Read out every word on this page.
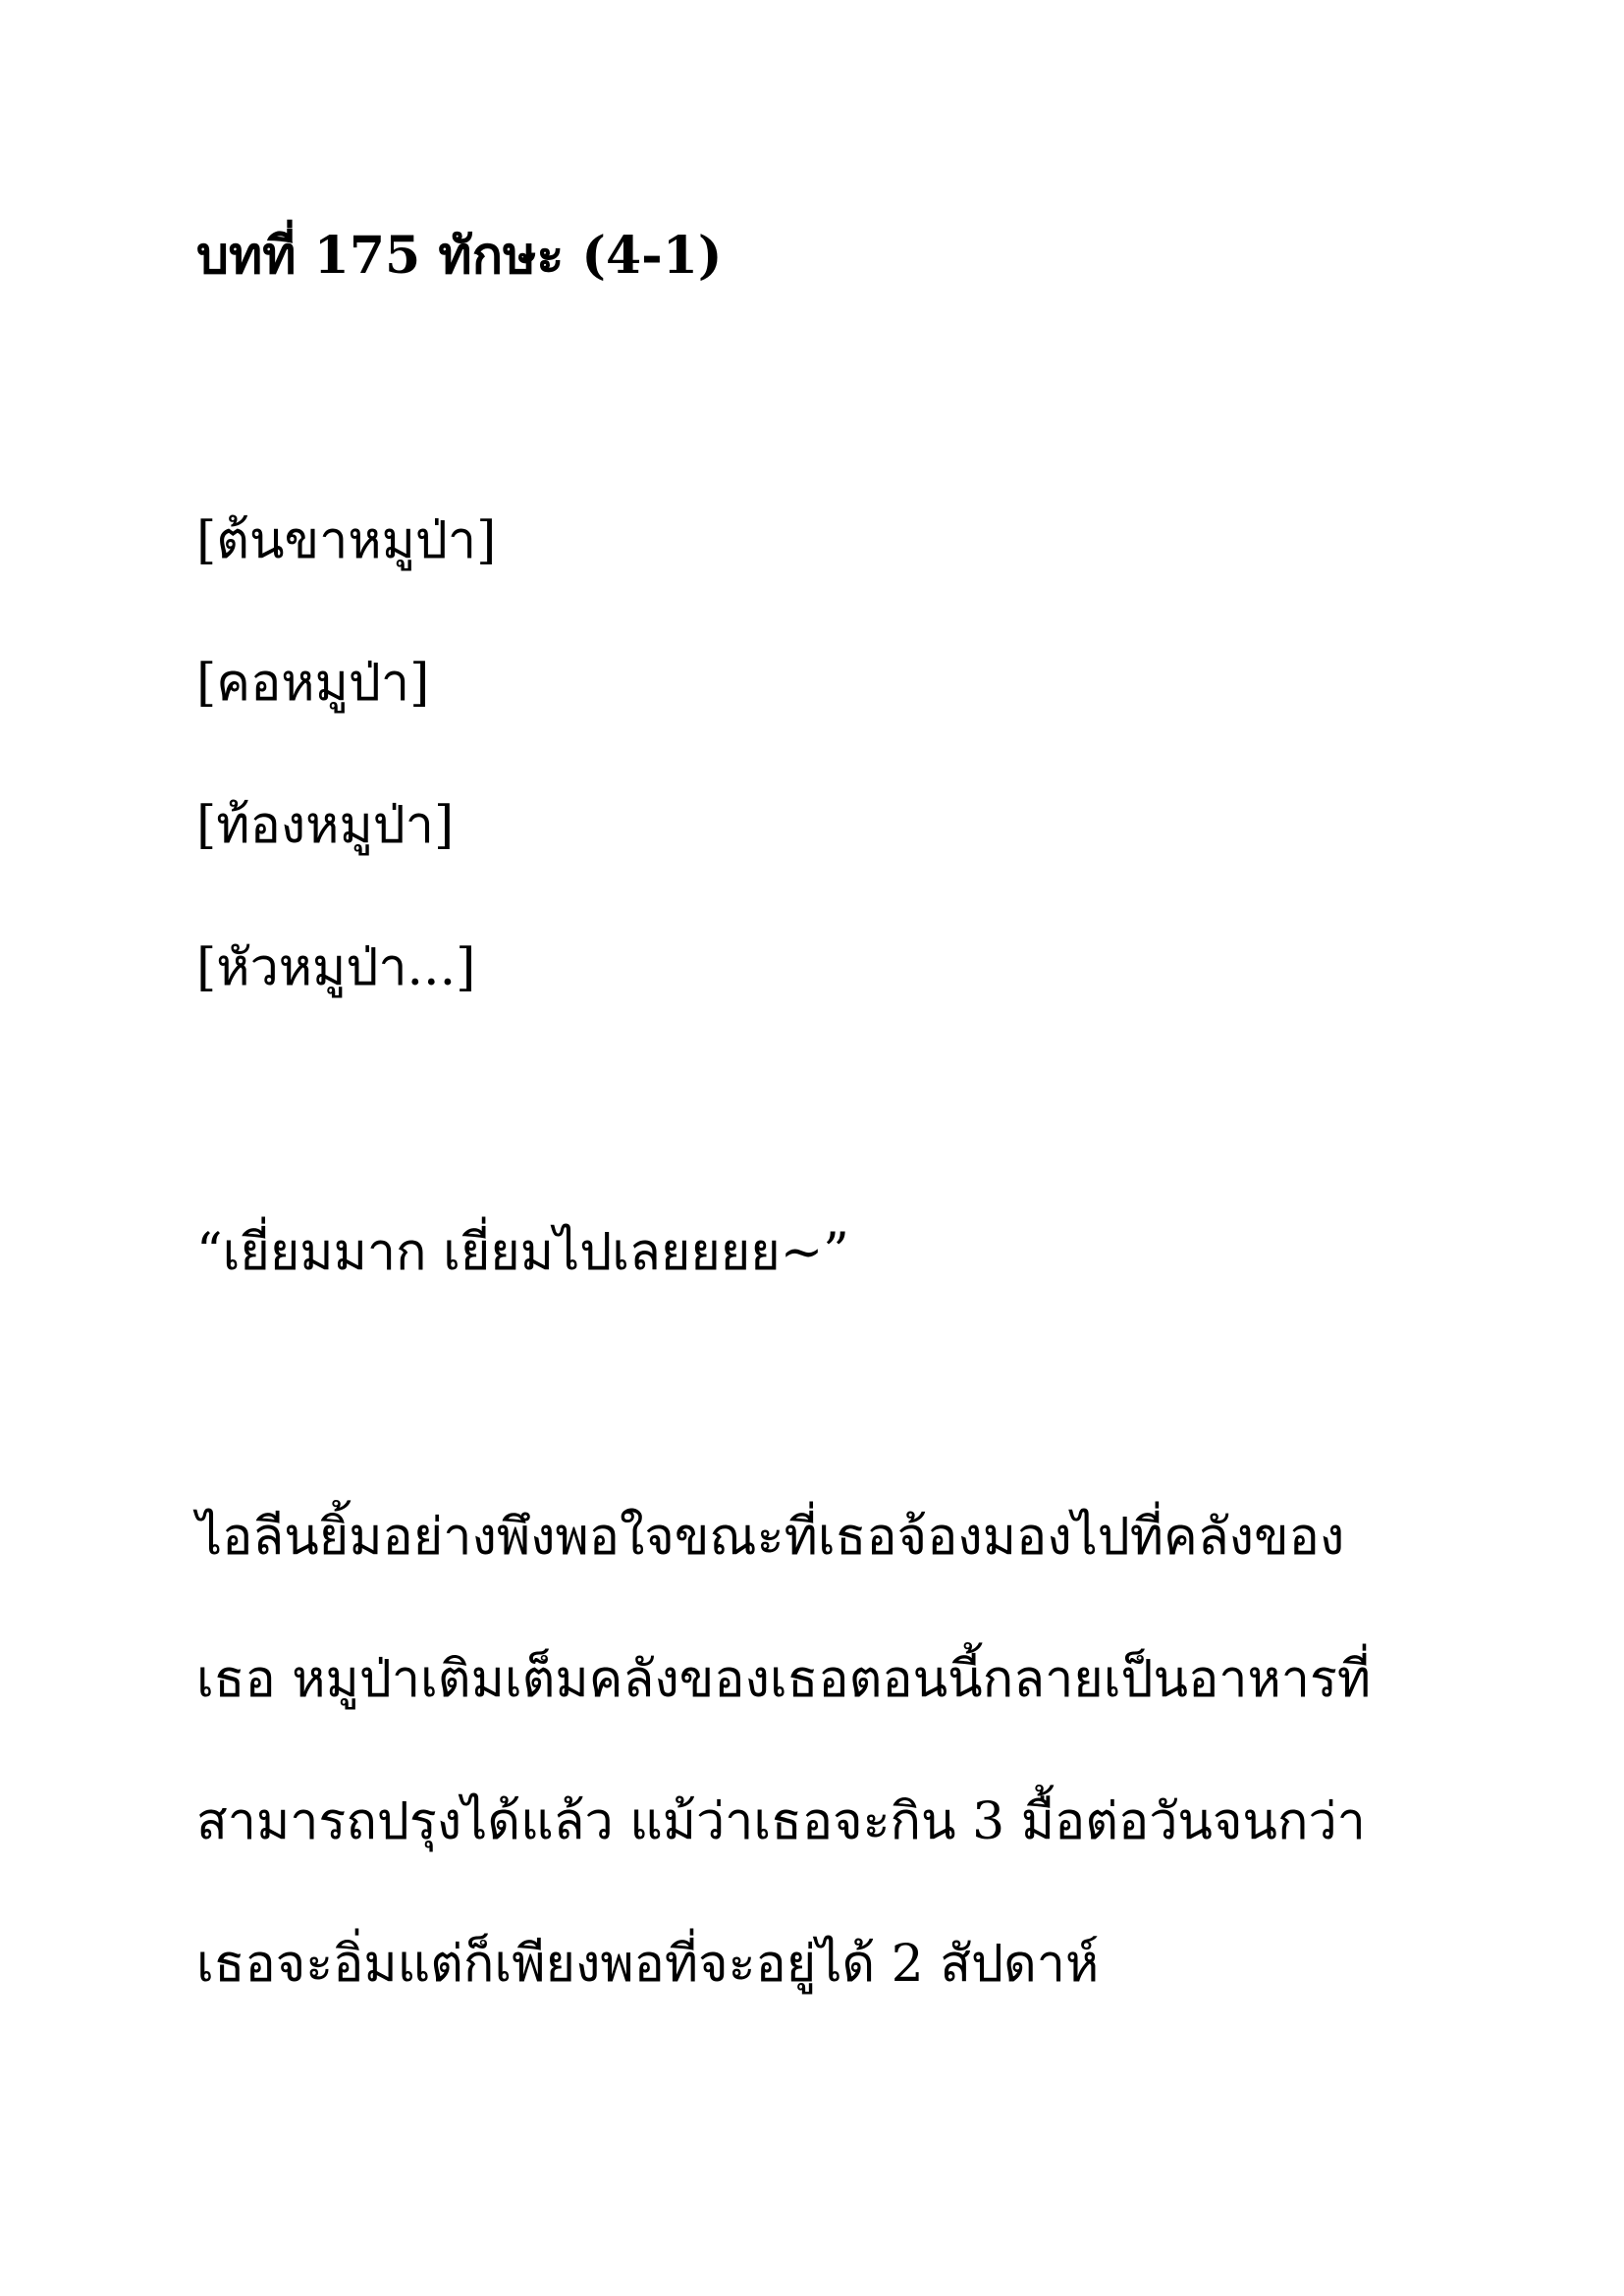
บทที่ 175 ทักษะ (4-1)
[ต้นขาหมูป่า]
[คอหมูป่า]
[ท้องหมูป่า]
[หัวหมูป่า...]
“เยี่ยมมาก เยี่ยมไปเลยยยย~”
ไอลีนยิ้มอย่างพึงพอใจขณะที่เธอจ้องมองไปที่คลังของ
เธอ หมูป่าเติมเต็มคลังของเธอตอนนี้กลายเป็นอาหารที่
สามารถปรุงได้แล้ว แม้ว่าเธอจะกิน 3 มื้อต่อวันจนกว่า
เธอจะอิ่มแต่ก็เพียงพอที่จะอยู่ได้ 2 สัปดาห์
